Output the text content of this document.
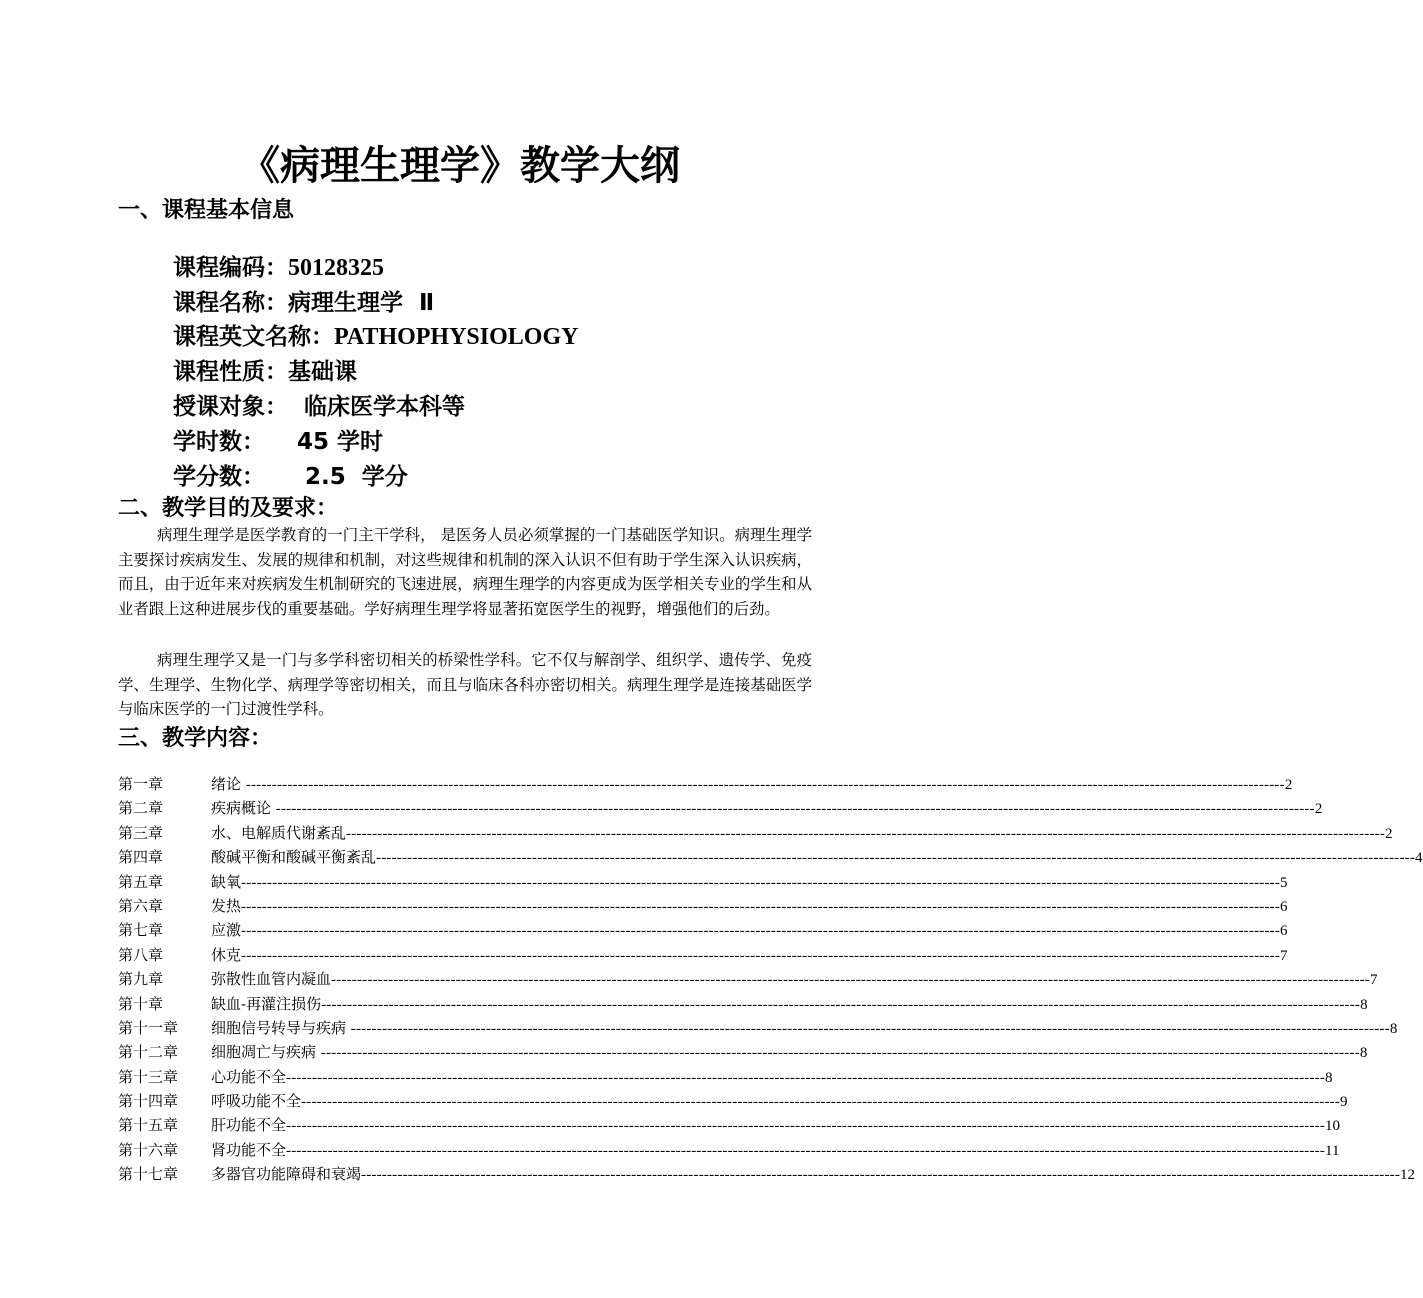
《病理生理学》教学大纲
一、课程基本信息
课程编码：50128325
课程名称：病理生理学  Ⅱ
课程英文名称：PATHOPHYSIOLOGY
课程性质：基础课
授课对象：  临床医学本科等
学时数：    45 学时
学分数：     2.5  学分
二、教学目的及要求：
病理生理学是医学教育的一门主干学科， 是医务人员必须掌握的一门基础医学知识。病理生理学主要探讨疾病发生、发展的规律和机制，对这些规律和机制的深入认识不但有助于学生深入认识疾病，而且，由于近年来对疾病发生机制研究的飞速进展，病理生理学的内容更成为医学相关专业的学生和从业者跟上这种进展步伐的重要基础。学好病理生理学将显著拓宽医学生的视野，增强他们的后劲。
病理生理学又是一门与多学科密切相关的桥梁性学科。它不仅与解剖学、组织学、遗传学、免疫学、生理学、生物化学、病理学等密切相关，而且与临床各科亦密切相关。病理生理学是连接基础医学与临床医学的一门过渡性学科。
三、教学内容：
第一章	绪论 -------------------------------------------------------------------------------------------------------------------------------------------------------------------------------------------------------- 2
第二章	疾病概论 -------------------------------------------------------------------------------------------------------------------------------------------------------------------------------------------------------- 2
第三章	水、电解质代谢紊乱 -------------------------------------------------------------------------------------------------------------------------------------------------------------------------------------------------------- 2
第四章	酸碱平衡和酸碱平衡紊乱 -------------------------------------------------------------------------------------------------------------------------------------------------------------------------------------------------------- 4
第五章	缺氧 -------------------------------------------------------------------------------------------------------------------------------------------------------------------------------------------------------- 5
第六章	发热 -------------------------------------------------------------------------------------------------------------------------------------------------------------------------------------------------------- 6
第七章	应激 -------------------------------------------------------------------------------------------------------------------------------------------------------------------------------------------------------- 6
第八章	休克 -------------------------------------------------------------------------------------------------------------------------------------------------------------------------------------------------------- 7
第九章	弥散性血管内凝血 -------------------------------------------------------------------------------------------------------------------------------------------------------------------------------------------------------- 7
第十章	缺血-再灌注损伤 -------------------------------------------------------------------------------------------------------------------------------------------------------------------------------------------------------- 8
第十一章	细胞信号转导与疾病 -------------------------------------------------------------------------------------------------------------------------------------------------------------------------------------------------------- 8
第十二章	细胞凋亡与疾病 -------------------------------------------------------------------------------------------------------------------------------------------------------------------------------------------------------- 8
第十三章	心功能不全 -------------------------------------------------------------------------------------------------------------------------------------------------------------------------------------------------------- 8
第十四章	呼吸功能不全 -------------------------------------------------------------------------------------------------------------------------------------------------------------------------------------------------------- 9
第十五章	肝功能不全 -------------------------------------------------------------------------------------------------------------------------------------------------------------------------------------------------------- 10
第十六章	肾功能不全 -------------------------------------------------------------------------------------------------------------------------------------------------------------------------------------------------------- 11
第十七章	多器官功能障碍和衰竭 -------------------------------------------------------------------------------------------------------------------------------------------------------------------------------------------------------- 12
